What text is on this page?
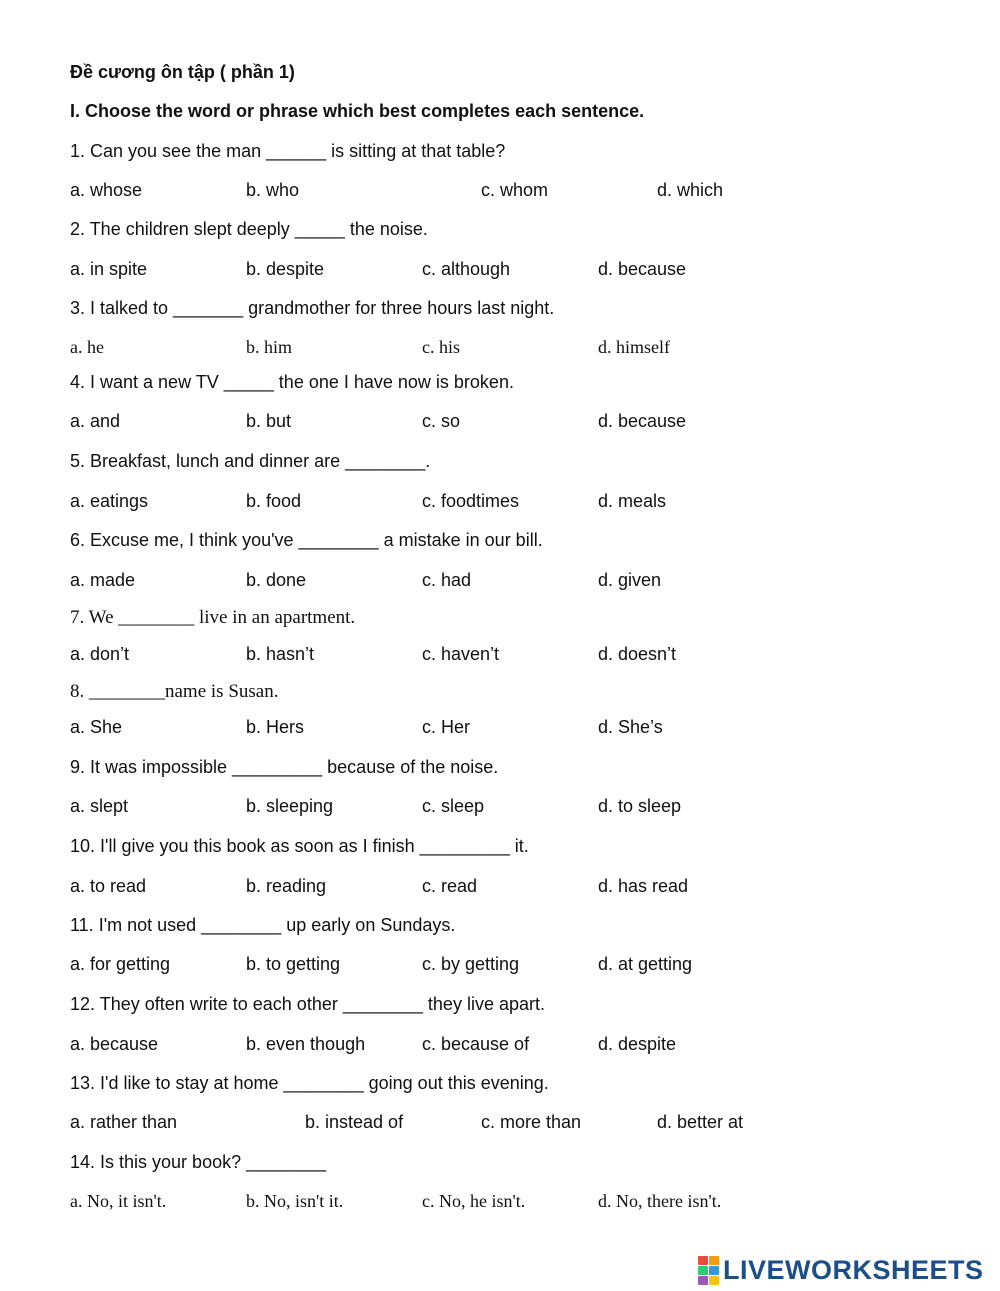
Đề cương ôn tập ( phần 1)
I. Choose the word or phrase which best completes each sentence.
1. Can you see the man ______ is sitting at that table?
a. whose	b. who	c. whom	d. which
2. The children slept deeply _____ the noise.
a. in spite	b. despite	c. although	d. because
3. I talked to _______ grandmother for three hours last night.
a. he	b. him	c. his	d. himself
4. I want a new TV _____ the one I have now is broken.
a. and	b. but	c. so	d. because
5. Breakfast, lunch and dinner are ________.
a. eatings	b. food	c. foodtimes	d. meals
6. Excuse me, I think you've ________ a mistake in our bill.
a. made	b. done	c. had	d. given
7. We ________ live in an apartment.
a. don’t	b. hasn’t	c. haven’t	d. doesn’t
8. ________name is Susan.
a. She	b. Hers	c. Her	d. She’s
9. It was impossible _________ because of the noise.
a. slept	b. sleeping	c. sleep	d. to sleep
10. I'll give you this book as soon as I finish _________ it.
a. to read	b. reading	c. read	d. has read
11. I'm not used ________ up early on Sundays.
a. for getting	b. to getting	c. by getting	d. at getting
12. They often write to each other ________ they live apart.
a. because	b. even though	c. because of	d. despite
13. I'd like to stay at home ________ going out this evening.
a. rather than	b. instead of	c. more than	d. better at
14. Is this your book? ________
a. No, it isn't.	b. No, isn't it.	c. No, he isn't.	d. No, there isn't.
LIVEWORKSHEETS
